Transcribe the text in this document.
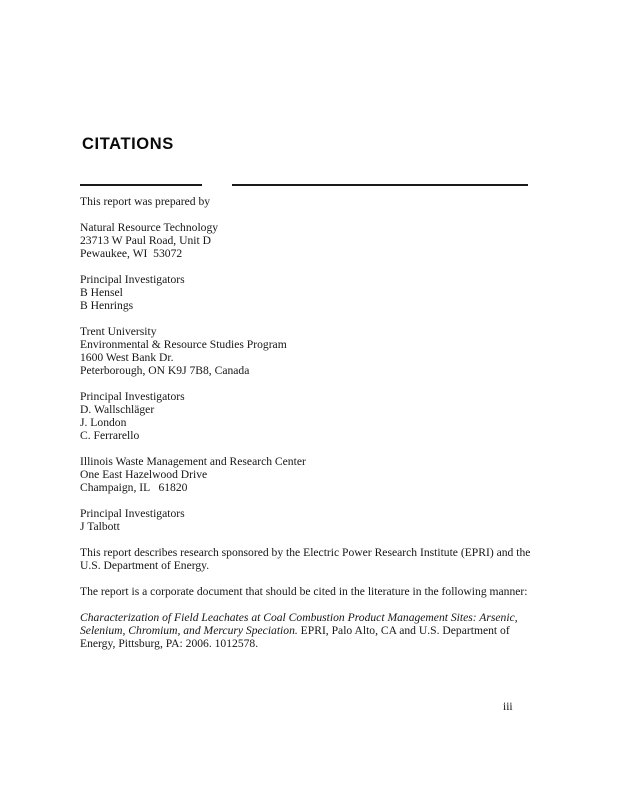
CITATIONS
This report was prepared by
Natural Resource Technology
23713 W Paul Road, Unit D
Pewaukee, WI  53072
Principal Investigators
B Hensel
B Henrings
Trent University
Environmental & Resource Studies Program
1600 West Bank Dr.
Peterborough, ON K9J 7B8, Canada
Principal Investigators
D. Wallschläger
J. London
C. Ferrarello
Illinois Waste Management and Research Center
One East Hazelwood Drive
Champaign, IL   61820
Principal Investigators
J Talbott
This report describes research sponsored by the Electric Power Research Institute (EPRI) and the
U.S. Department of Energy.
The report is a corporate document that should be cited in the literature in the following manner:
Characterization of Field Leachates at Coal Combustion Product Management Sites: Arsenic,
Selenium, Chromium, and Mercury Speciation. EPRI, Palo Alto, CA and U.S. Department of
Energy, Pittsburg, PA: 2006. 1012578.
iii
